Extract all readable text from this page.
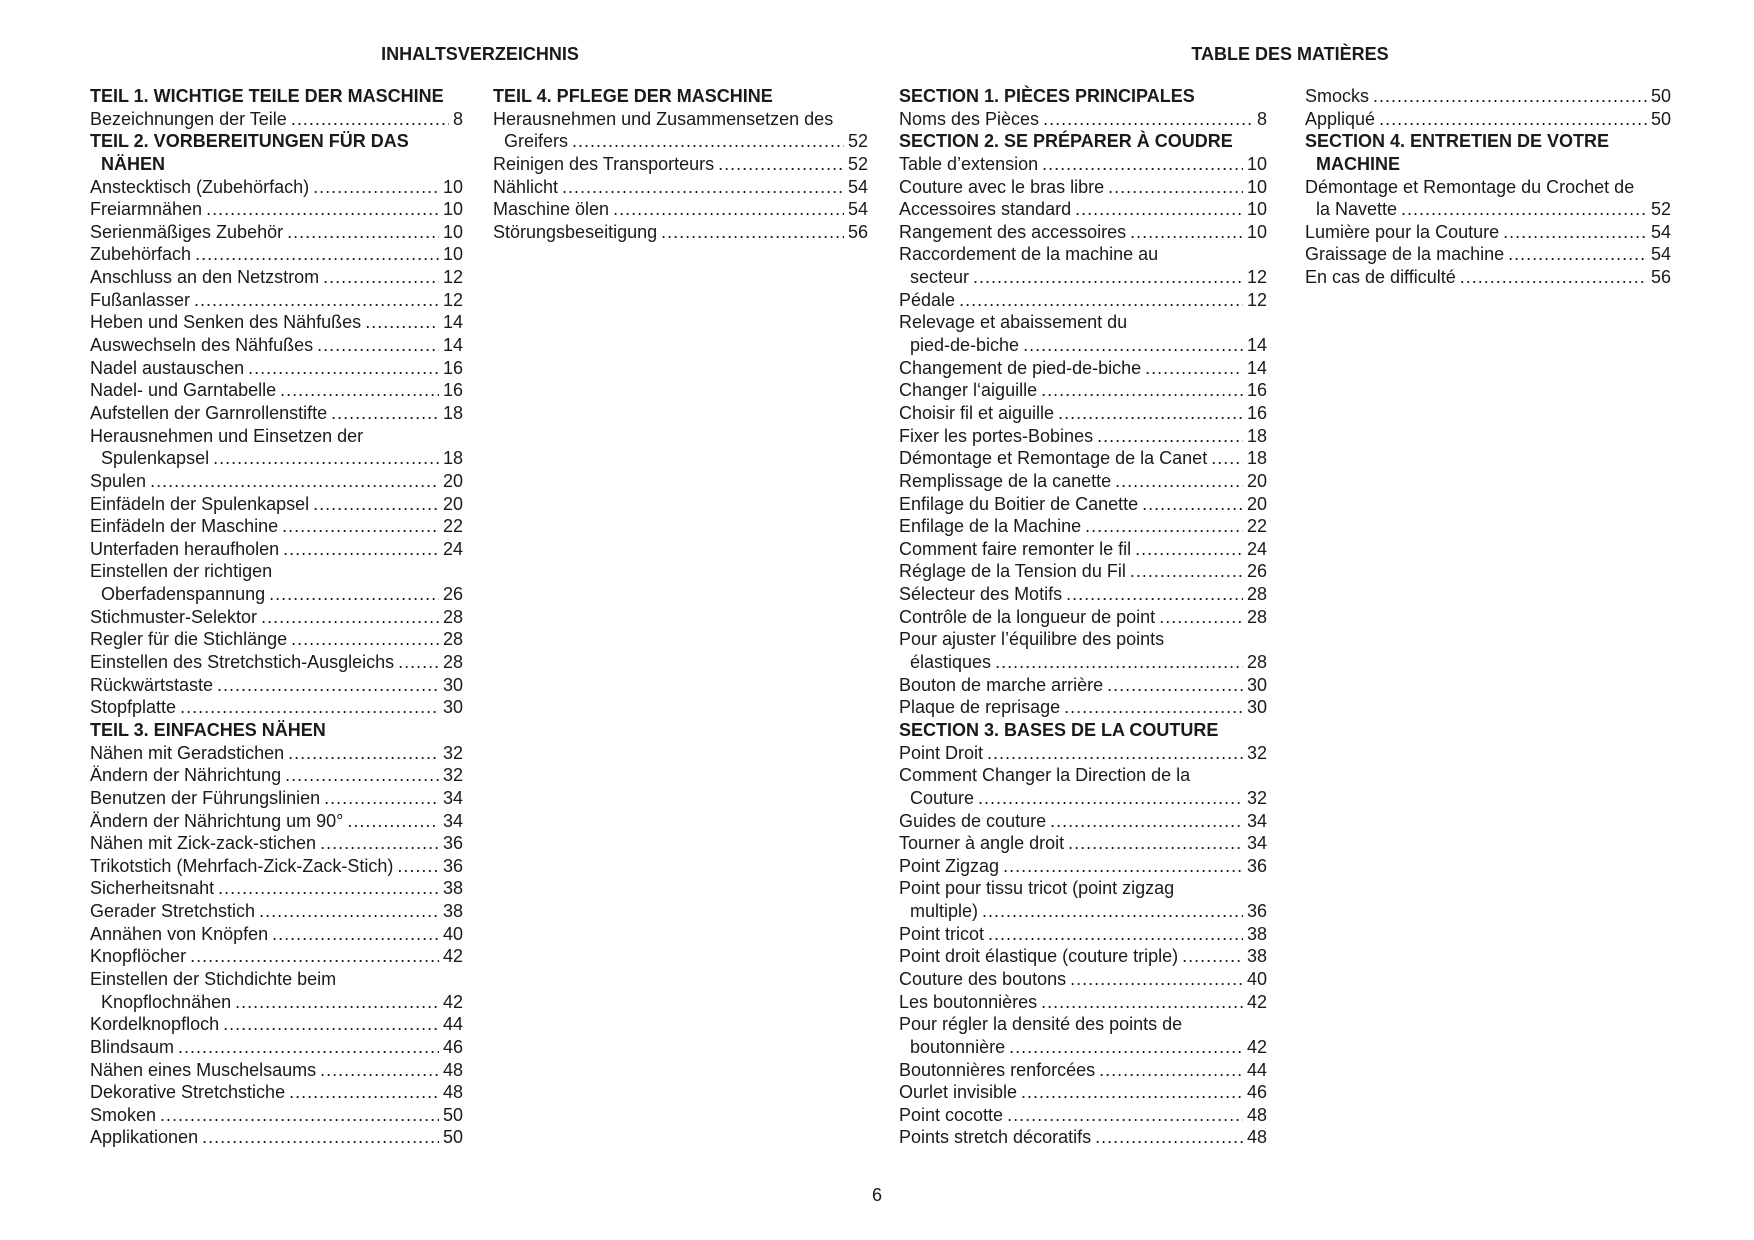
INHALTSVERZEICHNIS	TABLE DES MATIÈRES
TEIL 1. WICHTIGE TEILE DER MASCHINE
Bezeichnungen der Teile .....	8
TEIL 2. VORBEREITUNGEN FÜR DAS
NÄHEN
Anstecktisch (Zubehörfach) .....	10
Freiarmnähen .....	10
Serienmäßiges Zubehör .....	10
Zubehörfach .....	10
Anschluss an den Netzstrom .....	12
Fußanlasser .....	12
Heben und Senken des Nähfußes .....	14
Auswechseln des Nähfußes .....	14
Nadel austauschen .....	16
Nadel- und Garntabelle .....	16
Aufstellen der Garnrollenstifte .....	18
Herausnehmen und Einsetzen der
Spulenkapsel .....	18
Spulen .....	20
Einfädeln der Spulenkapsel .....	20
Einfädeln der Maschine .....	22
Unterfaden heraufholen .....	24
Einstellen der richtigen
Oberfadenspannung .....	26
Stichmuster-Selektor .....	28
Regler für die Stichlänge .....	28
Einstellen des Stretchstich-Ausgleichs .....	28
Rückwärtstaste .....	30
Stopfplatte .....	30
TEIL 3. EINFACHES NÄHEN
Nähen mit Geradstichen .....	32
Ändern der Nährichtung .....	32
Benutzen der Führungslinien .....	34
Ändern der Nährichtung um 90° .....	34
Nähen mit Zick-zack-stichen .....	36
Trikotstich (Mehrfach-Zick-Zack-Stich) .....	36
Sicherheitsnaht .....	38
Gerader Stretchstich .....	38
Annähen von Knöpfen .....	40
Knopflöcher .....	42
Einstellen der Stichdichte beim
Knopflochnähen .....	42
Kordelknopfloch .....	44
Blindsaum .....	46
Nähen eines Muschelsaums .....	48
Dekorative Stretchstiche .....	48
Smoken .....	50
Applikationen .....	50
TEIL 4. PFLEGE DER MASCHINE
Herausnehmen und Zusammensetzen des
Greifers .....	52
Reinigen des Transporteurs .....	52
Nählicht .....	54
Maschine ölen .....	54
Störungsbeseitigung .....	56
SECTION 1. PIÈCES PRINCIPALES
Noms des Pièces .....	8
SECTION 2. SE PRÉPARER À COUDRE
Table d’extension .....	10
Couture avec le bras libre .....	10
Accessoires standard .....	10
Rangement des accessoires .....	10
Raccordement de la machine au
secteur .....	12
Pédale .....	12
Relevage et abaissement du
pied-de-biche .....	14
Changement de pied-de-biche .....	14
Changer l‘aiguille .....	16
Choisir fil et aiguille .....	16
Fixer les portes-Bobines .....	18
Démontage et Remontage de la Canet ..... 18
Remplissage de la canette .....	20
Enfilage du Boitier de Canette .....	20
Enfilage de la Machine .....	22
Comment faire remonter le fil .....	24
Réglage de la Tension du Fil .....	26
Sélecteur des Motifs .....	28
Contrôle de la longueur de point .....	28
Pour ajuster l’équilibre des points
élastiques .....	28
Bouton de marche arrière .....	30
Plaque de reprisage .....	30
SECTION 3. BASES DE LA COUTURE
Point Droit .....	32
Comment Changer la Direction de la
Couture .....	32
Guides de couture .....	34
Tourner à angle droit .....	34
Point Zigzag .....	36
Point pour tissu tricot (point zigzag
multiple) .....	36
Point tricot .....	38
Point droit élastique (couture triple) .....	38
Couture des boutons .....	40
Les boutonnières .....	42
Pour régler la densité des points de
boutonnière .....	42
Boutonnières renforcées .....	44
Ourlet invisible .....	46
Point cocotte .....	48
Points stretch décoratifs .....	48
Smocks .....	50
Appliqué .....	50
SECTION 4. ENTRETIEN DE VOTRE
MACHINE
Démontage et Remontage du Crochet de
la Navette .....	52
Lumière pour la Couture .....	54
Graissage de la machine .....	54
En cas de difficulté .....	56
6
